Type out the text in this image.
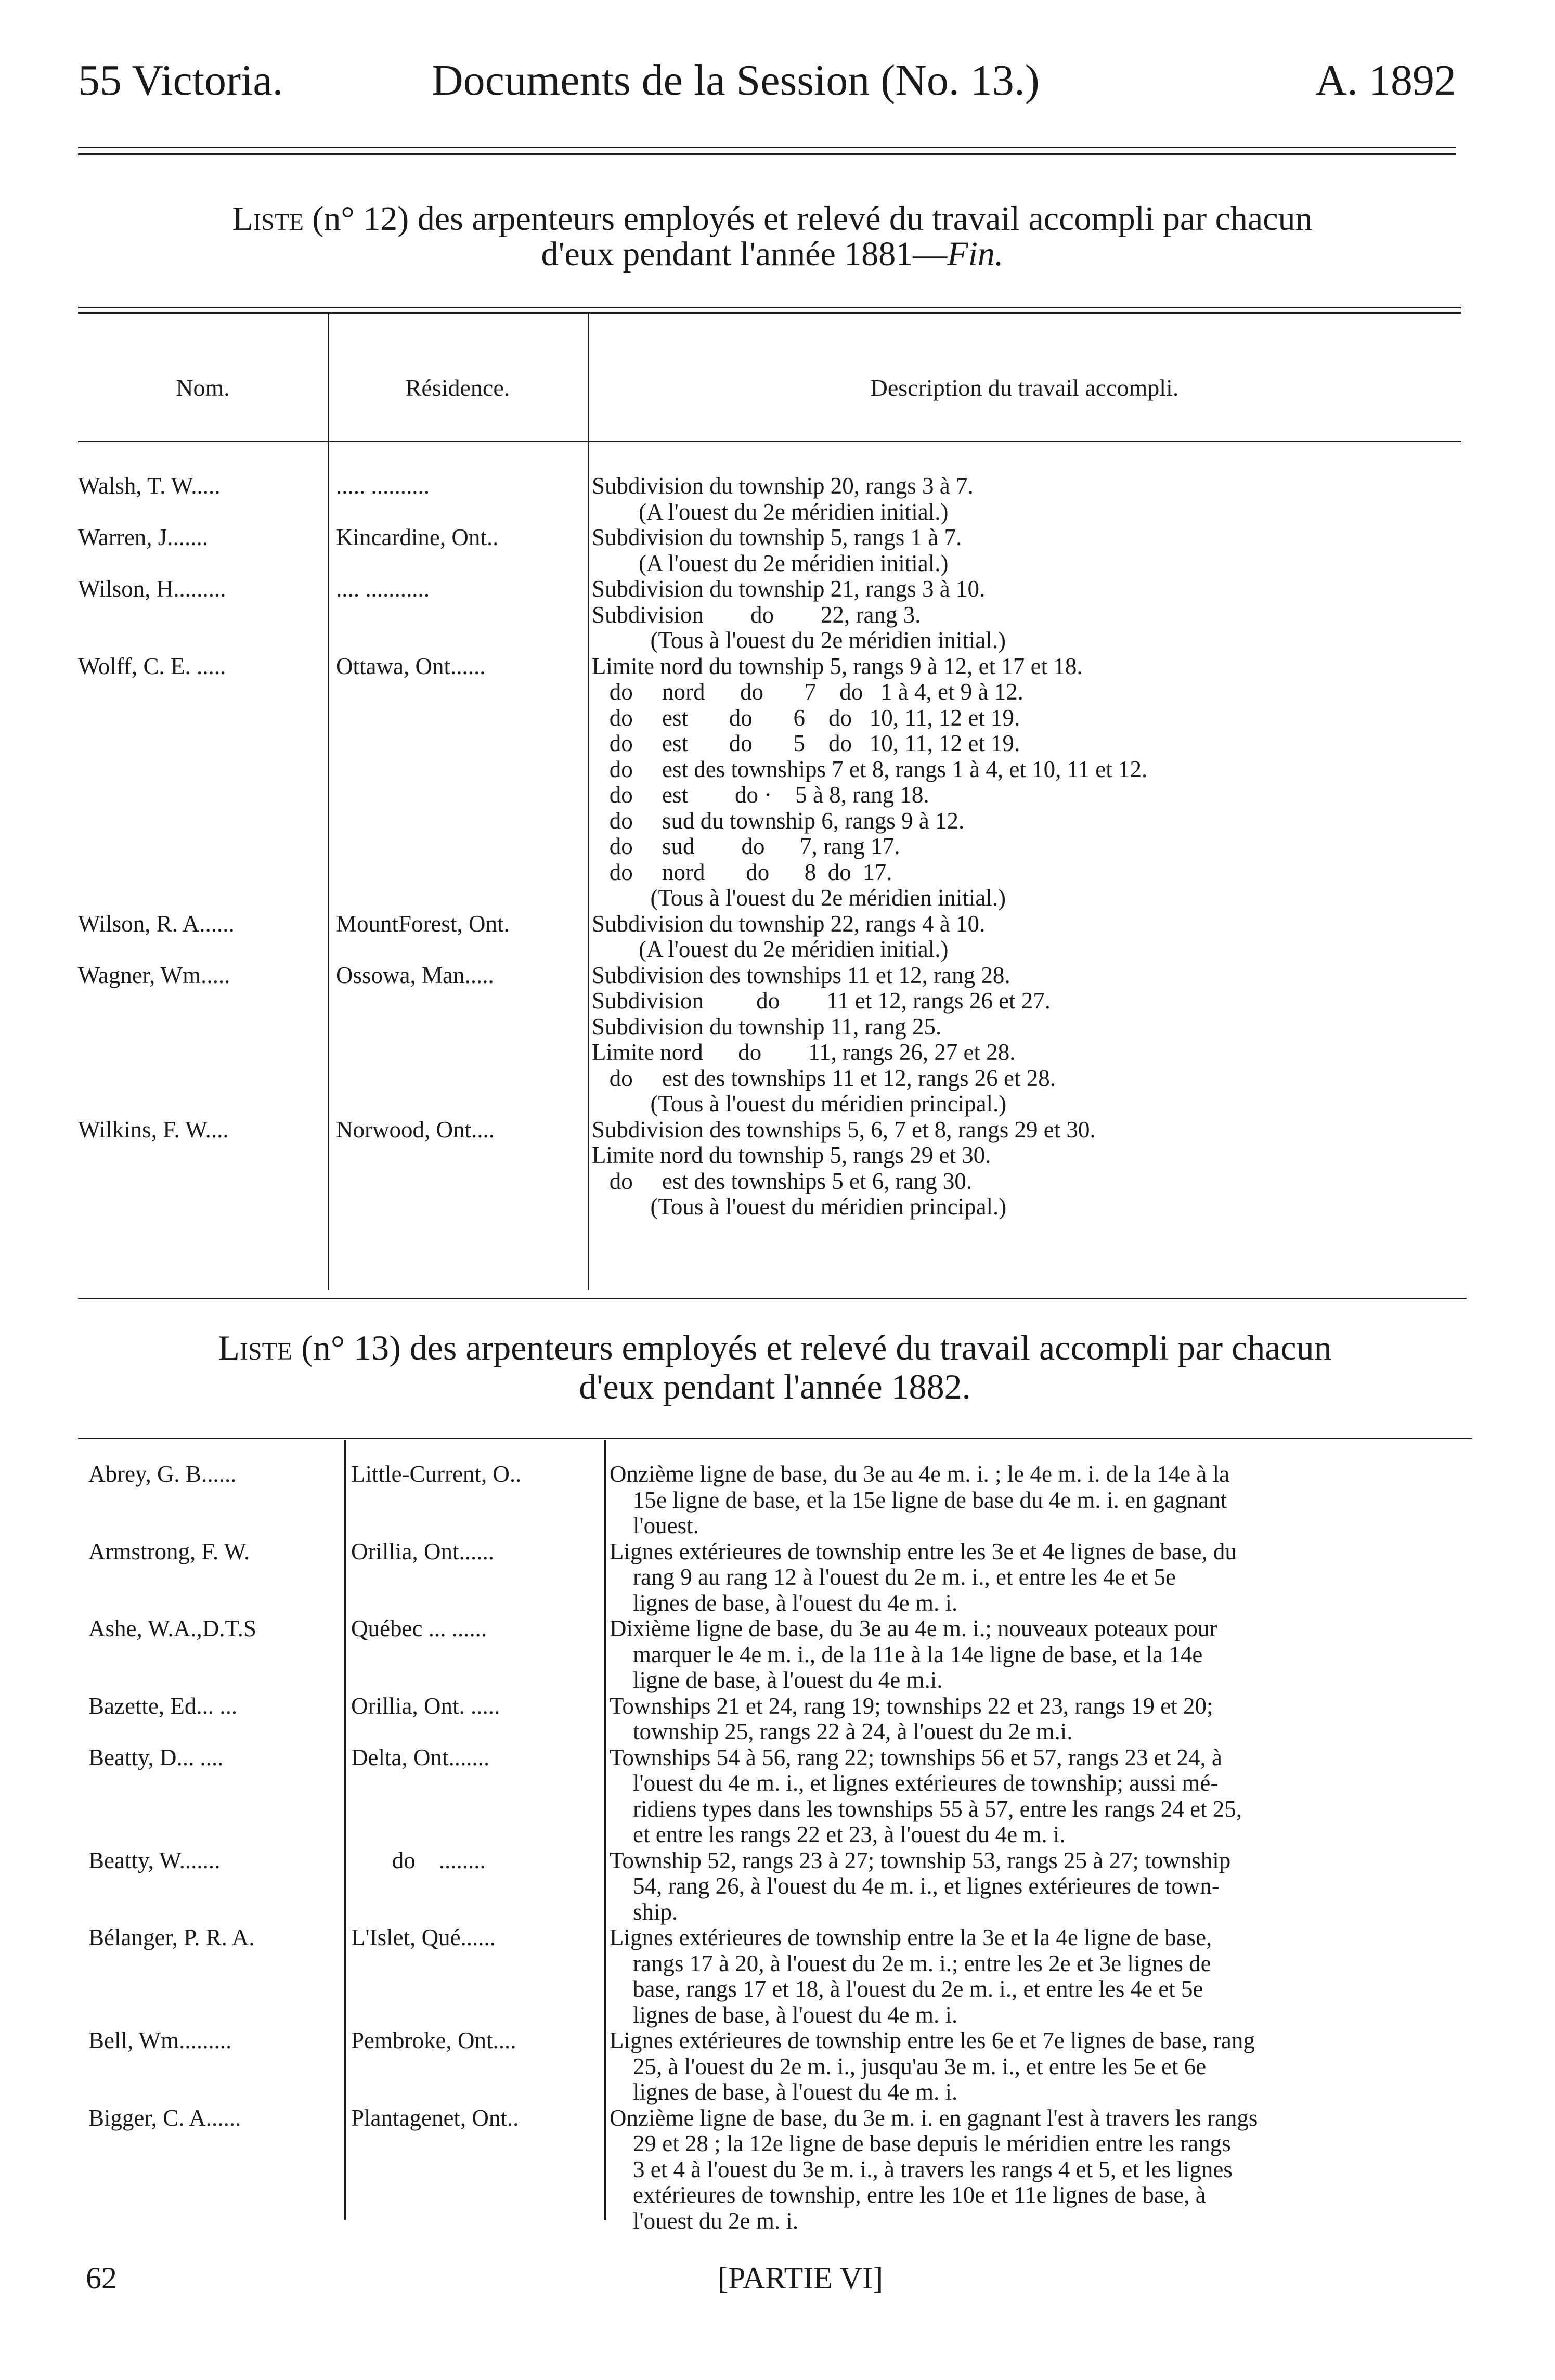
55 Victoria.	Documents de la Session (No. 13.)	A. 1892
Liste (n° 12) des arpenteurs employés et relevé du travail accompli par chacun
d'eux pendant l'année 1881—Fin.
Nom.	Résidence.	Description du travail accompli.
Walsh, T. W.....	..... ..........	Subdivision du township 20, rangs 3 à 7.
(A l'ouest du 2e méridien initial.)
Warren, J.......	Kincardine, Ont..	Subdivision du township 5, rangs 1 à 7.
(A l'ouest du 2e méridien initial.)
Wilson, H.........	.... ...........	Subdivision du township 21, rangs 3 à 10.
Subdivision        do        22, rang 3.
(Tous à l'ouest du 2e méridien initial.)
Wolff, C. E. .....	Ottawa, Ont......	Limite nord du township 5, rangs 9 à 12, et 17 et 18.
do     nord      do       7    do   1 à 4, et 9 à 12.
do     est       do       6    do   10, 11, 12 et 19.
do     est       do       5    do   10, 11, 12 et 19.
do     est des townships 7 et 8, rangs 1 à 4, et 10, 11 et 12.
do     est        do ·    5 à 8, rang 18.
do     sud du township 6, rangs 9 à 12.
do     sud        do      7, rang 17.
do     nord       do      8  do  17.
(Tous à l'ouest du 2e méridien initial.)
Wilson, R. A......	MountForest, Ont.	Subdivision du township 22, rangs 4 à 10.
(A l'ouest du 2e méridien initial.)
Wagner, Wm.....	Ossowa, Man.....	Subdivision des townships 11 et 12, rang 28.
Subdivision         do        11 et 12, rangs 26 et 27.
Subdivision du township 11, rang 25.
Limite nord      do        11, rangs 26, 27 et 28.
do     est des townships 11 et 12, rangs 26 et 28.
(Tous à l'ouest du méridien principal.)
Wilkins, F. W....	Norwood, Ont....	Subdivision des townships 5, 6, 7 et 8, rangs 29 et 30.
Limite nord du township 5, rangs 29 et 30.
do     est des townships 5 et 6, rang 30.
(Tous à l'ouest du méridien principal.)
Liste (n° 13) des arpenteurs employés et relevé du travail accompli par chacun
d'eux pendant l'année 1882.
Abrey, G. B......	Little-Current, O..	Onzième ligne de base, du 3e au 4e m. i. ; le 4e m. i. de la 14e à la
15e ligne de base, et la 15e ligne de base du 4e m. i. en gagnant
l'ouest.
Armstrong, F. W.	Orillia, Ont......	Lignes extérieures de township entre les 3e et 4e lignes de base, du
rang 9 au rang 12 à l'ouest du 2e m. i., et entre les 4e et 5e
lignes de base, à l'ouest du 4e m. i.
Ashe, W.A.,D.T.S	Québec ... ......	Dixième ligne de base, du 3e au 4e m. i.; nouveaux poteaux pour
marquer le 4e m. i., de la 11e à la 14e ligne de base, et la 14e
ligne de base, à l'ouest du 4e m.i.
Bazette, Ed... ...	Orillia, Ont. .....	Townships 21 et 24, rang 19; townships 22 et 23, rangs 19 et 20;
township 25, rangs 22 à 24, à l'ouest du 2e m.i.
Beatty, D... ....	Delta, Ont.......	Townships 54 à 56, rang 22; townships 56 et 57, rangs 23 et 24, à
l'ouest du 4e m. i., et lignes extérieures de township; aussi mé-
ridiens types dans les townships 55 à 57, entre les rangs 24 et 25,
et entre les rangs 22 et 23, à l'ouest du 4e m. i.
Beatty, W.......	do    ........	Township 52, rangs 23 à 27; township 53, rangs 25 à 27; township
54, rang 26, à l'ouest du 4e m. i., et lignes extérieures de town-
ship.
Bélanger, P. R. A.	L'Islet, Qué......	Lignes extérieures de township entre la 3e et la 4e ligne de base,
rangs 17 à 20, à l'ouest du 2e m. i.; entre les 2e et 3e lignes de
base, rangs 17 et 18, à l'ouest du 2e m. i., et entre les 4e et 5e
lignes de base, à l'ouest du 4e m. i.
Bell, Wm.........	Pembroke, Ont....	Lignes extérieures de township entre les 6e et 7e lignes de base, rang
25, à l'ouest du 2e m. i., jusqu'au 3e m. i., et entre les 5e et 6e
lignes de base, à l'ouest du 4e m. i.
Bigger, C. A......	Plantagenet, Ont..	Onzième ligne de base, du 3e m. i. en gagnant l'est à travers les rangs
29 et 28 ; la 12e ligne de base depuis le méridien entre les rangs
3 et 4 à l'ouest du 3e m. i., à travers les rangs 4 et 5, et les lignes
extérieures de township, entre les 10e et 11e lignes de base, à
l'ouest du 2e m. i.
62	[PARTIE VI]
